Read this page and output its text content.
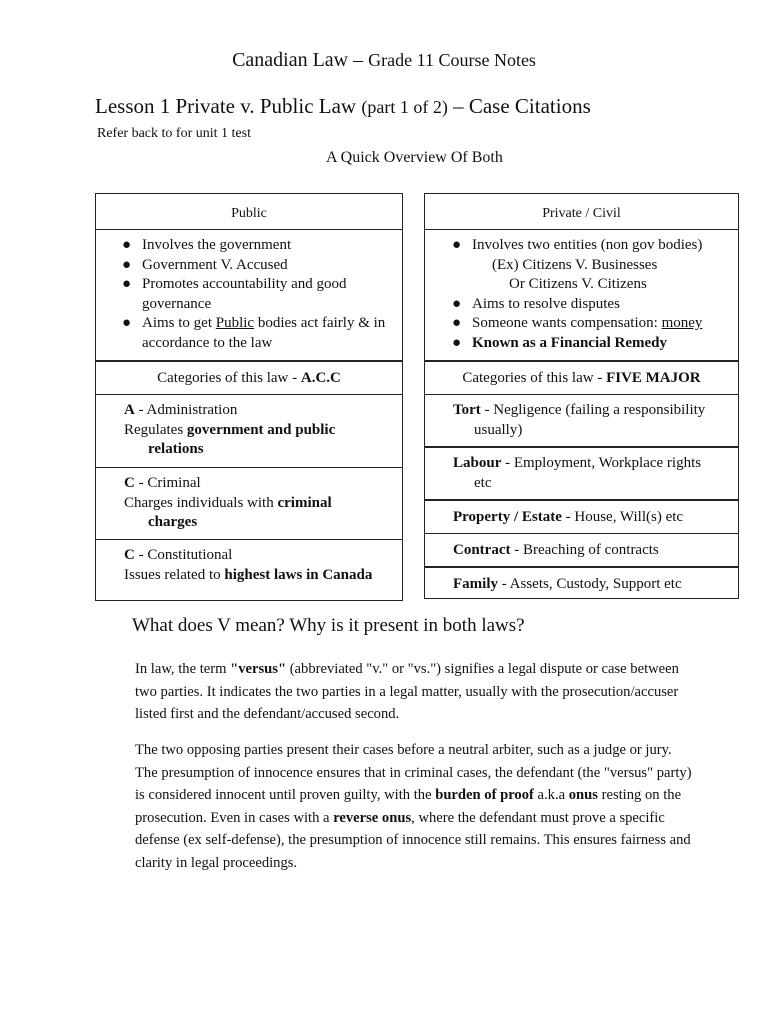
Canadian Law – Grade 11 Course Notes
Lesson 1 Private v. Public Law (part 1 of 2) – Case Citations
Refer back to for unit 1 test
A Quick Overview Of Both
Public
● Involves the government
● Government V. Accused
● Promotes accountability and good governance
● Aims to get Public bodies act fairly & in accordance to the law
Categories of this law - A.C.C
A - Administration
Regulates government and public
relations
C - Criminal
Charges individuals with criminal
charges
C - Constitutional
Issues related to highest laws in Canada
Private / Civil
● Involves two entities (non gov bodies)
(Ex) Citizens V. Businesses
Or Citizens V. Citizens
● Aims to resolve disputes
● Someone wants compensation: money
● Known as a Financial Remedy
Categories of this law - FIVE MAJOR
Tort - Negligence (failing a responsibility
usually)
Labour - Employment, Workplace rights
etc
Property / Estate - House, Will(s) etc
Contract - Breaching of contracts
Family - Assets, Custody, Support etc
What does V mean? Why is it present in both laws?
In law, the term "versus" (abbreviated "v." or "vs.") signifies a legal dispute or case between two parties. It indicates the two parties in a legal matter, usually with the prosecution/accuser listed first and the defendant/accused second.
The two opposing parties present their cases before a neutral arbiter, such as a judge or jury. The presumption of innocence ensures that in criminal cases, the defendant (the "versus" party) is considered innocent until proven guilty, with the burden of proof a.k.a onus resting on the prosecution. Even in cases with a reverse onus, where the defendant must prove a specific defense (ex self-defense), the presumption of innocence still remains. This ensures fairness and clarity in legal proceedings.
